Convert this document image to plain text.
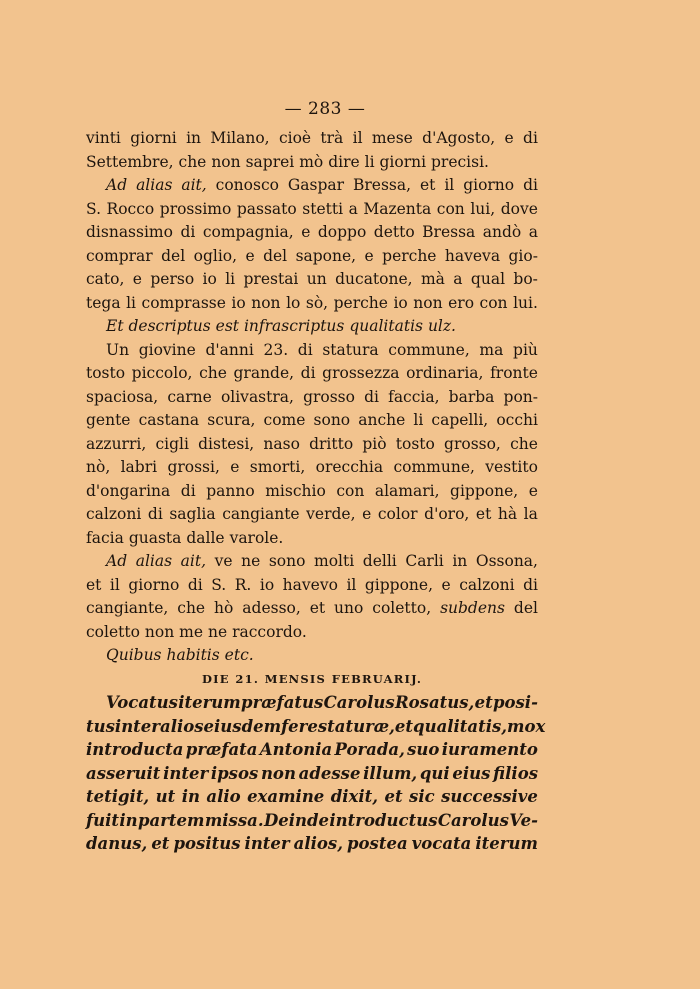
— 283 —
vinti giorni in Milano, cioè trà il mese d'Agosto, e di
Settembre, che non saprei mò dire li giorni precisi.
Ad alias ait, conosco Gaspar Bressa, et il giorno di
S. Rocco prossimo passato stetti a Mazenta con lui, dove
disnassimo di compagnia, e doppo detto Bressa andò a
comprar del oglio, e del sapone, e perche haveva gio-
cato, e perso io li prestai un ducatone, mà a qual bo-
tega li comprasse io non lo sò, perche io non ero con lui.
Et descriptus est infrascriptus qualitatis ulz.
Un giovine d'anni 23. di statura commune, ma più
tosto piccolo, che grande, di grossezza ordinaria, fronte
spaciosa, carne olivastra, grosso di faccia, barba pon-
gente castana scura, come sono anche li capelli, occhi
azzurri, cigli distesi, naso dritto piò tosto grosso, che
nò, labri grossi, e smorti, orecchia commune, vestito
d'ongarina di panno mischio con alamari, gippone, e
calzoni di saglia cangiante verde, e color d'oro, et hà la
facia guasta dalle varole.
Ad alias ait, ve ne sono molti delli Carli in Ossona,
et il giorno di S. R. io havevo il gippone, e calzoni di
cangiante, che hò adesso, et uno coletto, subdens del
coletto non me ne raccordo.
Quibus habitis etc.
DIE 21. MENSIS FEBRUARIJ.
Vocatus iterum præfatus Carolus Rosatus, et posi-
tus inter alios eiusdem fere staturæ, et qualitatis, mox
introducta præfata Antonia Porada, suo iuramento
asseruit inter ipsos non adesse illum, qui eius filios
tetigit, ut in alio examine dixit, et sic successive
fuit in partem missa. Deinde introductus Carolus Ve-
danus, et positus inter alios, postea vocata iterum
